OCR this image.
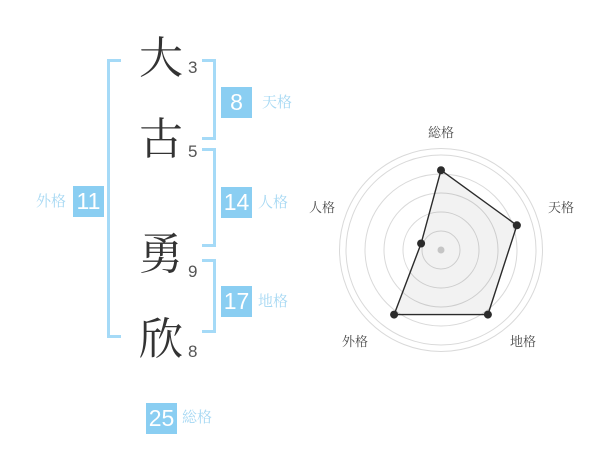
大
古
勇
欣
3
5
9
8
8	天格
14 人格
17 地格
外格 11
25 総格
総格
天格
地格
外格
人格
